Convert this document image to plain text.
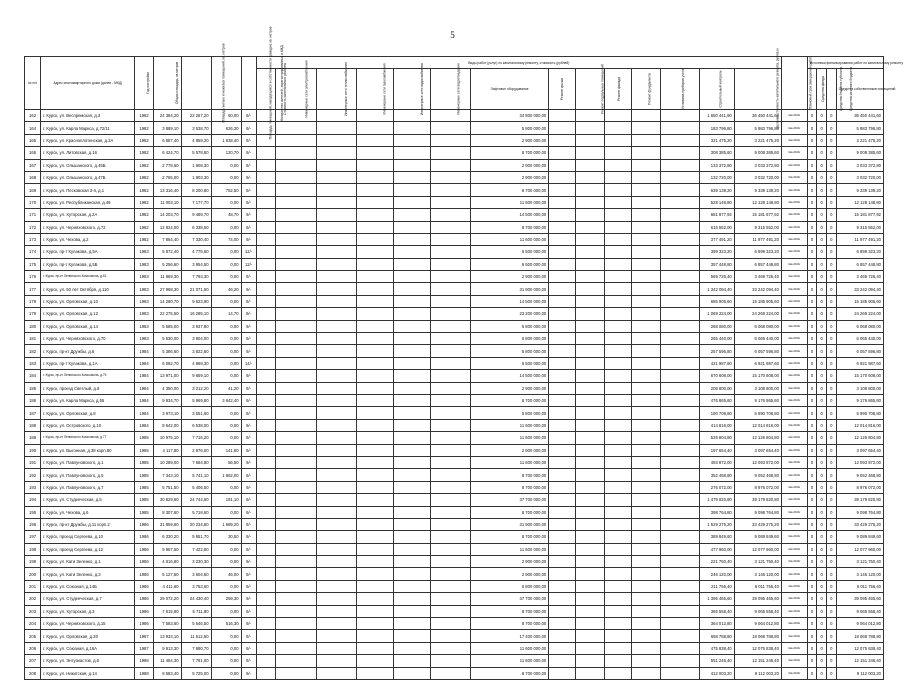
5
№ п/п	Адрес многоквартирного дома (далее - МКД)	Год постройки	Общая площадь, кв.метров	Площадь жилых и нежилых помещений, кв. метров	Площадь помещений, находящихся в собственности граждан, кв. метров	Количество жителей, зарегистрированных в МКД	Виды работ (услуг) по капитальному ремонту, стоимость (рублей)														Плановый срок завершения работ	Источники финансирования работ по капитальному ремонту			
							Стоимость капитального ремонта	Инженерные сети электроснабжения	Инженерные сети теплоснабжения	Инженерные сети газоснабжения	Инженерные сети водоснабжения	Инженерные сети водоотведения	Лифтовое оборудование	Ремонт крыши	Ремонт подвальных помещений	Ремонт фасада	Ремонт фундамента	Установка приборов учета	Строительный контроль	Удельная стоимость капитального ремонта, руб/кв.м		Средства фонда	Средства бюджета субъекта	Средства местного бюджета	Средства собственников помещений

162	г. Курск, ул. Веспремская, д.3	1982	24 384,20	22 267,20	60,00	9/-							34 800 000,00						1 650 441,60	36 450 441,60	4кв.2024г	0	0	0	36 450 441,60
164	г. Курск, ул. Карла Маркса, д.72/11	1982	3 889,10	3 538,70	626,30	9/-							5 800 000,00						183 796,80	5 983 796,80	4кв.2024г	0	0	0	5 983 796,80
165	г. Курск, ул. Красноплотенская, д.3А	1982	6 687,40	4 859,20	1 838,40	9/-							2 900 000,00						321 475,20	3 221 475,20	4кв.2024г	0	0	0	3 221 475,20
166	г. Курск, ул. Литовская, д.16	1982	6 424,70	5 578,80	120,70	9/-							8 700 000,00						308 385,60	9 008 385,60	4кв.2024г	0	0	0	9 008 385,60
167	г. Курск, ул. Ольшанского, д.45Б	1982	2 778,60	1 908,30	0,00	9/-							2 900 000,00						133 372,80	3 033 372,80	4кв.2024г	0	0	0	3 033 372,80
168	г. Курск, ул. Ольшанского, д.47Б	1982	2 765,00	1 903,30	0,00	9/-							2 900 000,00						132 720,00	3 032 720,00	4кв.2024г	0	0	0	3 032 720,00
169	г. Курск, ул. Песковская 3-я, д.1	1982	13 316,40	8 200,80	752,50	9/-							8 700 000,00						639 139,20	9 339 139,20	4кв.2024г	0	0	0	9 339 139,20
170	г. Курск, ул. Республиканская, д.48	1982	11 003,10	7 177,70	0,00	9/-							11 600 000,00						528 148,80	12 128 148,80	4кв.2024г	0	0	0	12 128 148,80
171	г. Курск, ул. Хуторская, д.2А	1982	14 203,70	9 489,70	48,70	9/-							14 500 000,00						681 877,92	15 181 877,92	4кв.2024г	0	0	0	15 181 877,92
172	г. Курск, ул. Черняховского, д.72	1982	12 824,00	6 338,50	0,00	9/-							8 700 000,00						615 552,00	9 315 552,00	4кв.2024г	0	0	0	9 315 552,00
173	г. Курск, ул. Чехова, д.2	1982	7 864,40	7 330,40	74,00	9/-							11 600 000,00						377 491,20	11 977 491,20	4кв.2024г	0	0	0	11 977 491,20
174	г. Курск, пр-т Кулакова, д.5А	1983	5 872,40	4 775,60	0,00	12/-							6 500 000,00						399 323,20	6 899 323,20	4кв.2024г	0	0	0	6 899 323,20
175	г. Курск, пр-т Кулакова, д.5Б	1983	5 256,60	3 954,50	0,00	12/-							6 500 000,00						357 448,80	6 857 448,80	4кв.2024г	0	0	0	6 857 448,80
176	г. Курск, пр-кт Ленинского Комсомола, д.61	1983	11 869,30	7 793,30	0,00	9/-							2 900 000,00						569 726,40	3 469 726,40	4кв.2024г	0	0	0	3 469 726,40
177	г. Курск, ул. 50 лет Октября, д.110	1983	27 968,30	21 071,50	46,20	9/-							31 900 000,00						1 342 094,40	33 242 094,40	4кв.2024г	0	0	0	33 242 094,40
178	г. Курск, ул. Орловская, д.10	1983	14 280,70	9 623,90	0,00	9/-							14 500 000,00						685 905,60	15 185 905,60	4кв.2024г	0	0	0	15 185 905,60
179	г. Курск, ул. Орловская, д.12	1983	22 275,50	16 285,10	14,70	9/-							23 200 000,00						1 069 224,00	24 269 224,00	4кв.2024г	0	0	0	24 269 224,00
180	г. Курск, ул. Орловская, д.14	1983	5 585,00	3 937,80	0,00	9/-							5 800 000,00						268 080,00	6 068 080,00	4кв.2024г	0	0	0	6 068 080,00
181	г. Курск, ул. Черняховского, д.70	1983	5 530,00	3 804,00	0,00	9/-							5 800 000,00						265 440,00	6 065 440,00	4кв.2024г	0	0	0	6 065 440,00
182	г. Курск, пр-кт Дружбы, д.6	1984	5 386,60	3 822,60	0,00	9/-							5 800 000,00						257 596,80	6 057 596,80	4кв.2024г	0	0	0	6 057 596,80
183	г. Курск, пр-т Кулакова, д.1А	1984	6 082,70	4 869,30	0,00	14/-							6 500 000,00						421 987,60	6 921 987,60	4кв.2024г	0	0	0	6 921 987,60
184	г. Курск, пр-кт Ленинского Комсомола, д.75	1984	13 971,00	9 659,10	0,00	9/-							14 500 000,00						670 608,00	15 170 608,00	4кв.2024г	0	0	0	15 170 608,00
185	г. Курск, проезд Светлый, д.9	1984	4 350,00	3 212,20	41,20	9/-							2 900 000,00						208 800,00	3 108 800,00	4кв.2024г	0	0	0	3 108 800,00
186	г. Курск, ул. Карла Маркса, д.55	1984	9 934,70	5 969,80	3 642,40	9/-							8 700 000,00						476 865,60	9 176 865,60	4кв.2024г	0	0	0	9 176 865,60
187	г. Курск, ул. Орловская, д.8	1984	3 973,10	3 551,60	0,00	9/-							5 800 000,00						190 708,80	5 990 708,80	4кв.2024г	0	0	0	5 990 708,80
188	г. Курск, ул. Островского, д.10	1984	8 642,00	6 538,00	0,00	9/-							11 600 000,00						414 816,00	12 014 816,00	4кв.2024г	0	0	0	12 014 816,00
189	г. Курск, пр-кт Ленинского Комсомола, д.77	1985	10 975,10	7 716,20	0,00	9/-							11 600 000,00						526 804,80	12 126 804,80	4кв.2024г	0	0	0	12 126 804,80
190	г. Курск, ул. Выгонная, д.38 корп.80	1985	4 117,80	2 976,00	141,60	9/-							2 900 000,00						197 654,40	3 097 654,40	4кв.2024г	0	0	0	3 097 654,40
191	г. Курск, ул. Павлуновского, д.1	1985	10 289,00	7 664,80	56,50	9/-							11 600 000,00						493 872,00	12 093 872,00	4кв.2024г	0	0	0	12 093 872,00
192	г. Курск, ул. Павлуновского, д.5	1985	7 343,10	5 741,10	1 662,00	9/-							8 700 000,00						352 468,80	9 052 468,80	4кв.2024г	0	0	0	9 052 468,80
193	г. Курск, ул. Павлуновского, д.7	1985	5 751,50	5 406,50	0,00	9/-							8 700 000,00						276 072,00	8 976 072,00	4кв.2024г	0	0	0	8 976 072,00
194	г. Курск, ул. Студенческая, д.5	1985	30 829,60	24 744,60	191,10	9/-							37 700 000,00						1 479 820,80	39 179 820,80	4кв.2024г	0	0	0	39 179 820,80
195	г. Курск, ул. Чехова, д.6	1985	8 307,60	5 718,60	0,00	9/-							8 700 000,00						398 764,80	9 098 764,80	4кв.2024г	0	0	0	9 098 764,80
196	г. Курск, пр-кт Дружбы, д.11 корп.2	1986	31 859,60	20 234,80	1 689,20	9/-							31 900 000,00						1 529 275,20	33 429 275,20	4кв.2024г	0	0	0	33 429 275,20
197	г. Курск, проезд Сергеева, д.10	1986	6 330,20	5 651,70	30,50	9/-							8 700 000,00						389 849,60	9 089 849,60	4кв.2024г	0	0	0	9 089 849,60
198	г. Курск, проезд Сергеева, д.12	1986	9 957,50	7 422,80	0,00	9/-							11 600 000,00						477 960,00	12 077 960,00	4кв.2024г	0	0	0	12 077 960,00
199	г. Курск, ул. Кати Зеленко, д.1	1986	4 616,80	3 230,30	0,00	9/-							2 900 000,00						221 750,40	3 121 750,40	4кв.2024г	0	0	0	3 121 750,40
200	г. Курск, ул. Кати Зеленко, д.3	1986	5 127,50	3 604,60	46,00	9/-							2 900 000,00						246 120,00	3 146 120,00	4кв.2024г	0	0	0	3 146 120,00
201	г. Курск, ул. Союзная, д.14Б	1986	4 411,60	3 753,60	0,00	9/-							5 800 000,00						211 756,40	6 011 756,40	4кв.2024г	0	0	0	6 011 756,40
202	г. Курск, ул. Студенческая, д.7	1986	29 072,20	24 430,40	259,30	9/-							37 700 000,00						1 395 465,60	39 095 465,60	4кв.2024г	0	0	0	39 095 465,60
203	г. Курск, ул. Хуторская, д.3	1986	7 615,80	5 711,80	0,00	9/-							8 700 000,00						365 558,40	9 065 558,40	4кв.2024г	0	0	0	9 065 558,40
204	г. Курск, ул. Черняховского, д.15	1986	7 583,60	5 646,50	516,30	9/-							8 700 000,00						364 012,80	9 064 012,80	4кв.2024г	0	0	0	9 064 012,80
205	г. Курск, ул. Орловская, д.20	1987	13 933,10	11 512,50	0,00	9/-							17 400 000,00						668 788,80	18 068 788,80	4кв.2024г	0	0	0	18 068 788,80
206	г. Курск, ул. Союзная, д.16А	1987	9 913,30	7 680,70	0,00	9/-							11 600 000,00						475 838,40	12 075 838,40	4кв.2024г	0	0	0	12 075 838,40
207	г. Курск, ул. Энтузиастов, д.6	1988	11 484,30	7 781,00	0,00	9/-							11 600 000,00						551 246,40	12 151 246,40	4кв.2024г	0	0	0	12 151 246,40
208	г. Курск, ул. Никитская, д.14	1988	8 583,40	5 725,00	0,00	9/-							8 700 000,00						412 003,20	9 112 003,20	4кв.2024г	0	0	0	9 112 003,20
